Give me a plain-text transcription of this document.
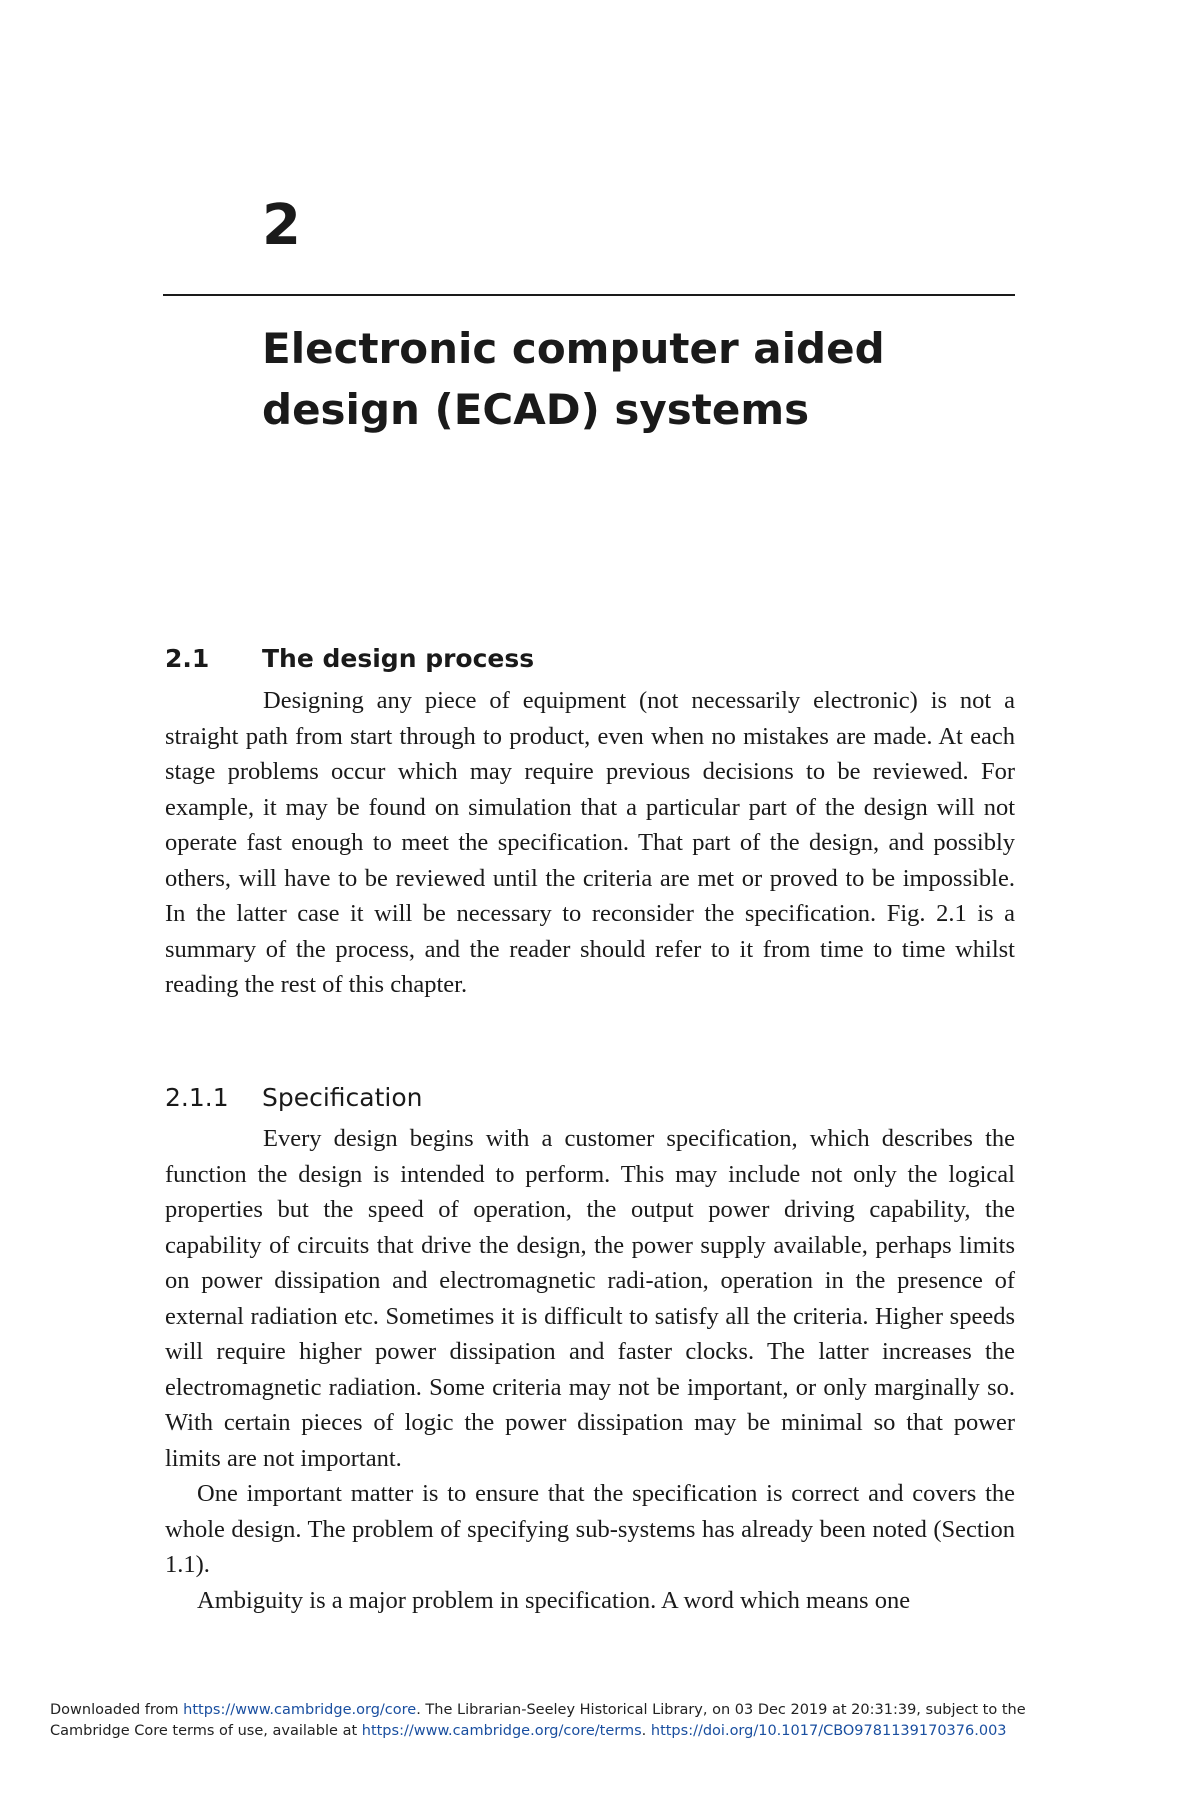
2
Electronic computer aided design (ECAD) systems
2.1 The design process

Designing any piece of equipment (not necessarily electronic) is not a straight path from start through to product, even when no mistakes are made. At each stage problems occur which may require previous decisions to be reviewed. For example, it may be found on simulation that a particular part of the design will not operate fast enough to meet the specification. That part of the design, and possibly others, will have to be reviewed until the criteria are met or proved to be impossible. In the latter case it will be necessary to reconsider the specification. Fig. 2.1 is a summary of the process, and the reader should refer to it from time to time whilst reading the rest of this chapter.

2.1.1 Specification

Every design begins with a customer specification, which describes the function the design is intended to perform. This may include not only the logical properties but the speed of operation, the output power driving capability, the capability of circuits that drive the design, the power supply available, perhaps limits on power dissipation and electromagnetic radi-ation, operation in the presence of external radiation etc. Sometimes it is difficult to satisfy all the criteria. Higher speeds will require higher power dissipation and faster clocks. The latter increases the electromagnetic radiation. Some criteria may not be important, or only marginally so. With certain pieces of logic the power dissipation may be minimal so that power limits are not important.

One important matter is to ensure that the specification is correct and covers the whole design. The problem of specifying sub-systems has already been noted (Section 1.1).

Ambiguity is a major problem in specification. A word which means one

Downloaded from https://www.cambridge.org/core. The Librarian-Seeley Historical Library, on 03 Dec 2019 at 20:31:39, subject to the
Cambridge Core terms of use, available at https://www.cambridge.org/core/terms. https://doi.org/10.1017/CBO9781139170376.003
